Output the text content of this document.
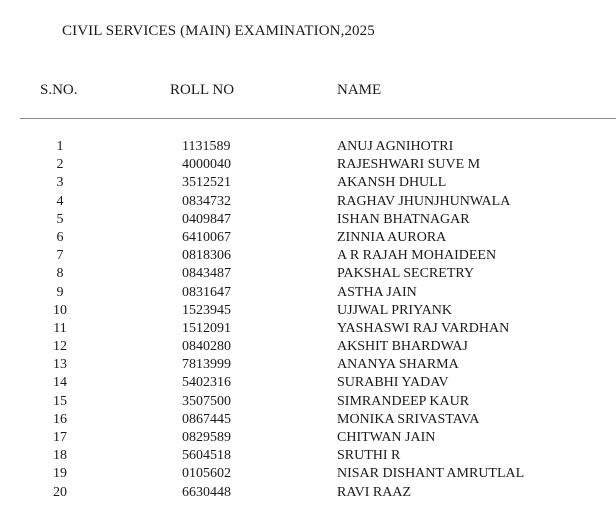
CIVIL SERVICES (MAIN) EXAMINATION,2025
S.NO.	ROLL NO	NAME
1	1131589	ANUJ AGNIHOTRI
2	4000040	RAJESHWARI SUVE M
3	3512521	AKANSH DHULL
4	0834732	RAGHAV JHUNJHUNWALA
5	0409847	ISHAN BHATNAGAR
6	6410067	ZINNIA AURORA
7	0818306	A R RAJAH MOHAIDEEN
8	0843487	PAKSHAL SECRETRY
9	0831647	ASTHA JAIN
10	1523945	UJJWAL PRIYANK
11	1512091	YASHASWI RAJ VARDHAN
12	0840280	AKSHIT BHARDWAJ
13	7813999	ANANYA SHARMA
14	5402316	SURABHI YADAV
15	3507500	SIMRANDEEP KAUR
16	0867445	MONIKA SRIVASTAVA
17	0829589	CHITWAN JAIN
18	5604518	SRUTHI R
19	0105602	NISAR DISHANT AMRUTLAL
20	6630448	RAVI RAAZ
